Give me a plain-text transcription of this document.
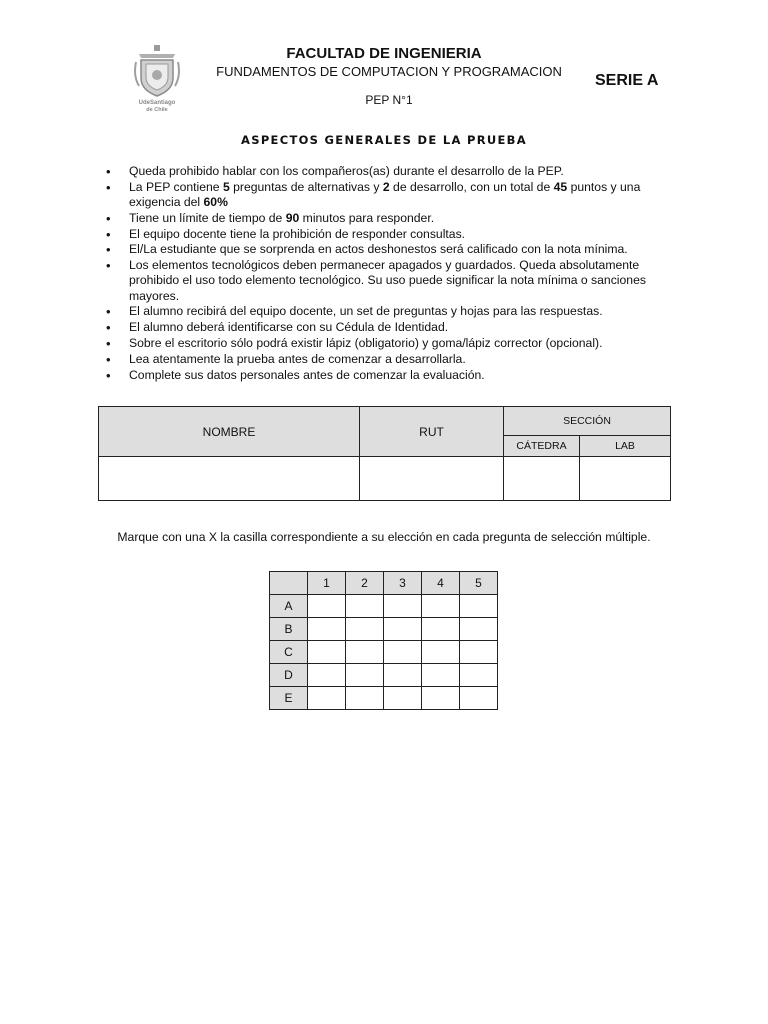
UdeSantiago
de Chile
FACULTAD DE INGENIERIA
FUNDAMENTOS DE COMPUTACION Y PROGRAMACION
PEP N°1
SERIE A
ASPECTOS GENERALES DE LA PRUEBA
• Queda prohibido hablar con los compañeros(as) durante el desarrollo de la PEP.
• La PEP contiene 5 preguntas de alternativas y 2 de desarrollo, con un total de 45 puntos y una exigencia del 60%
• Tiene un límite de tiempo de 90 minutos para responder.
• El equipo docente tiene la prohibición de responder consultas.
• El/La estudiante que se sorprenda en actos deshonestos será calificado con la nota mínima.
• Los elementos tecnológicos deben permanecer apagados y guardados. Queda absolutamente prohibido el uso todo elemento tecnológico. Su uso puede significar la nota mínima o sanciones mayores.
• El alumno recibirá del equipo docente, un set de preguntas y hojas para las respuestas.
• El alumno deberá identificarse con su Cédula de Identidad.
• Sobre el escritorio sólo podrá existir lápiz (obligatorio) y goma/lápiz corrector (opcional).
• Lea atentamente la prueba antes de comenzar a desarrollarla.
• Complete sus datos personales antes de comenzar la evaluación.
NOMBRE	RUT	SECCIÓN	
		CÁTEDRA	LAB

Marque con una X la casilla correspondiente a su elección en cada pregunta de selección múltiple.
	1	2	3	4	5
A					
B					
C					
D					
E					
